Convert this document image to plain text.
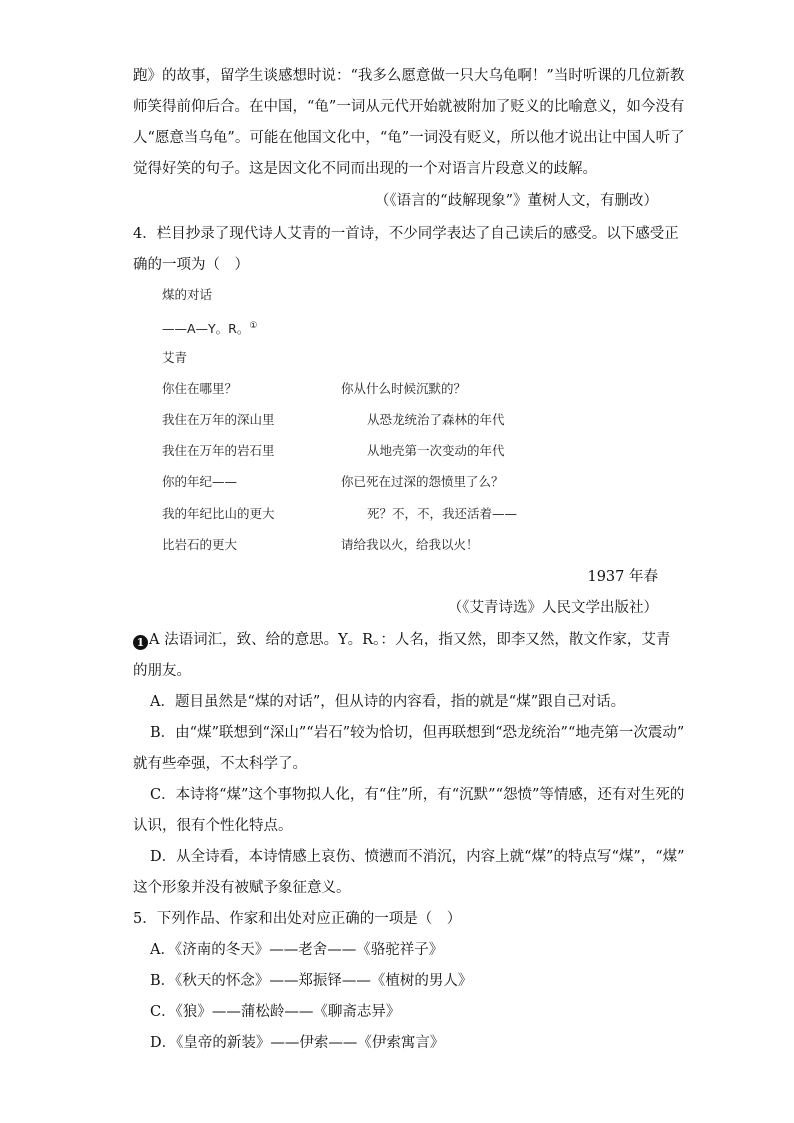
跑》的故事，留学生谈感想时说：“我多么愿意做一只大乌龟啊！”当时听课的几位新教
师笑得前仰后合。在中国，“龟”一词从元代开始就被附加了贬义的比喻意义，如今没有
人“愿意当乌龟”。可能在他国文化中，“龟”一词没有贬义，所以他才说出让中国人听了
觉得好笑的句子。这是因文化不同而出现的一个对语言片段意义的歧解。
（《语言的“歧解现象”》董树人文，有删改）
4．栏目抄录了现代诗人艾青的一首诗，不少同学表达了自己读后的感受。以下感受正
确的一项为（　）
煤的对话
——A—Y。R。①
艾青
你住在哪里？
我住在万年的深山里
我住在万年的岩石里
你的年纪——
我的年纪比山的更大
比岩石的更大
你从什么时候沉默的？
从恐龙统治了森林的年代
从地壳第一次变动的年代
你已死在过深的怨愤里了么？
死？不，不，我还活着——
请给我以火，给我以火！
1937 年春
（《艾青诗选》人民文学出版社）
1 A 法语词汇，致、给的意思。Y。R。：人名，指又然，即李又然，散文作家，艾青
的朋友。
A．题目虽然是“煤的对话”，但从诗的内容看，指的就是“煤”跟自己对话。
B．由“煤”联想到“深山”“岩石”较为恰切，但再联想到“恐龙统治”“地壳第一次震动”
就有些牵强，不太科学了。
C．本诗将“煤”这个事物拟人化，有“住”所，有“沉默”“怨愤”等情感，还有对生死的
认识，很有个性化特点。
D．从全诗看，本诗情感上哀伤、愤懑而不消沉，内容上就“煤”的特点写“煤”，“煤”
这个形象并没有被赋予象征意义。
5．下列作品、作家和出处对应正确的一项是（　）
A．《济南的冬天》——老舍——《骆驼祥子》
B．《秋天的怀念》——郑振铎——《植树的男人》
C．《狼》——蒲松龄——《聊斋志异》
D．《皇帝的新装》——伊索——《伊索寓言》
